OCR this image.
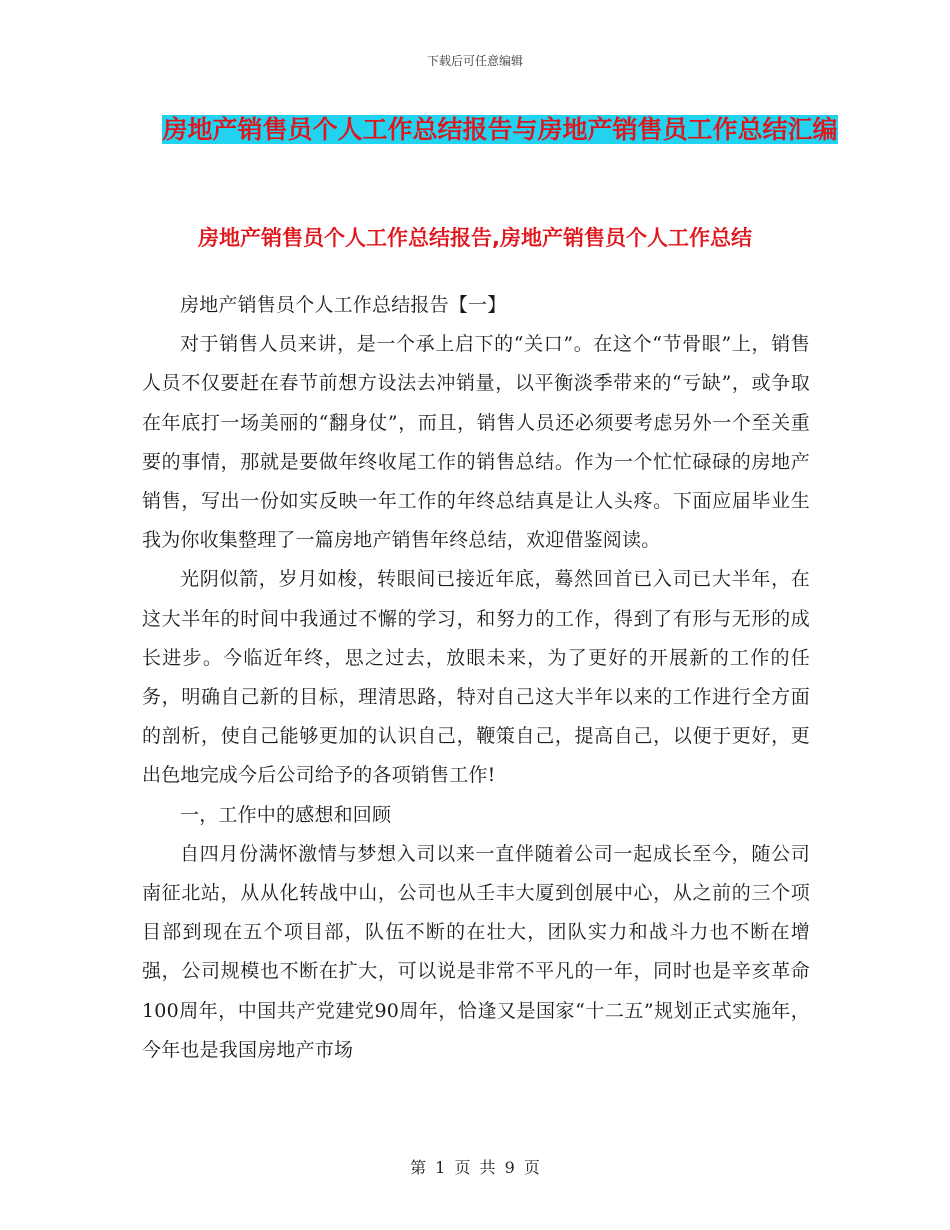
下载后可任意编辑
房地产销售员个人工作总结报告与房地产销售员工作总结汇编
房地产销售员个人工作总结报告,房地产销售员个人工作总结

房地产销售员个人工作总结报告【一】

对于销售人员来讲，是一个承上启下的“关口”。在这个“节骨眼”上，销售人员不仅要赶在春节前想方设法去冲销量，以平衡淡季带来的“亏缺”，或争取在年底打一场美丽的“翻身仗”，而且，销售人员还必须要考虑另外一个至关重要的事情，那就是要做年终收尾工作的销售总结。作为一个忙忙碌碌的房地产销售，写出一份如实反映一年工作的年终总结真是让人头疼。下面应届毕业生我为你收集整理了一篇房地产销售年终总结，欢迎借鉴阅读。

光阴似箭，岁月如梭，转眼间已接近年底，蓦然回首已入司已大半年，在这大半年的时间中我通过不懈的学习，和努力的工作，得到了有形与无形的成长进步。今临近年终，思之过去，放眼未来，为了更好的开展新的工作的任务，明确自己新的目标，理清思路，特对自己这大半年以来的工作进行全方面的剖析，使自己能够更加的认识自己，鞭策自己，提高自己，以便于更好，更出色地完成今后公司给予的各项销售工作!

一，工作中的感想和回顾

自四月份满怀激情与梦想入司以来一直伴随着公司一起成长至今，随公司南征北站，从从化转战中山，公司也从壬丰大厦到创展中心，从之前的三个项目部到现在五个项目部，队伍不断的在壮大，团队实力和战斗力也不断在增强，公司规模也不断在扩大，可以说是非常不平凡的一年，同时也是辛亥革命100周年，中国共产党建党90周年，恰逢又是国家“十二五”规划正式实施年，今年也是我国房地产市场

第 1 页 共 9 页
